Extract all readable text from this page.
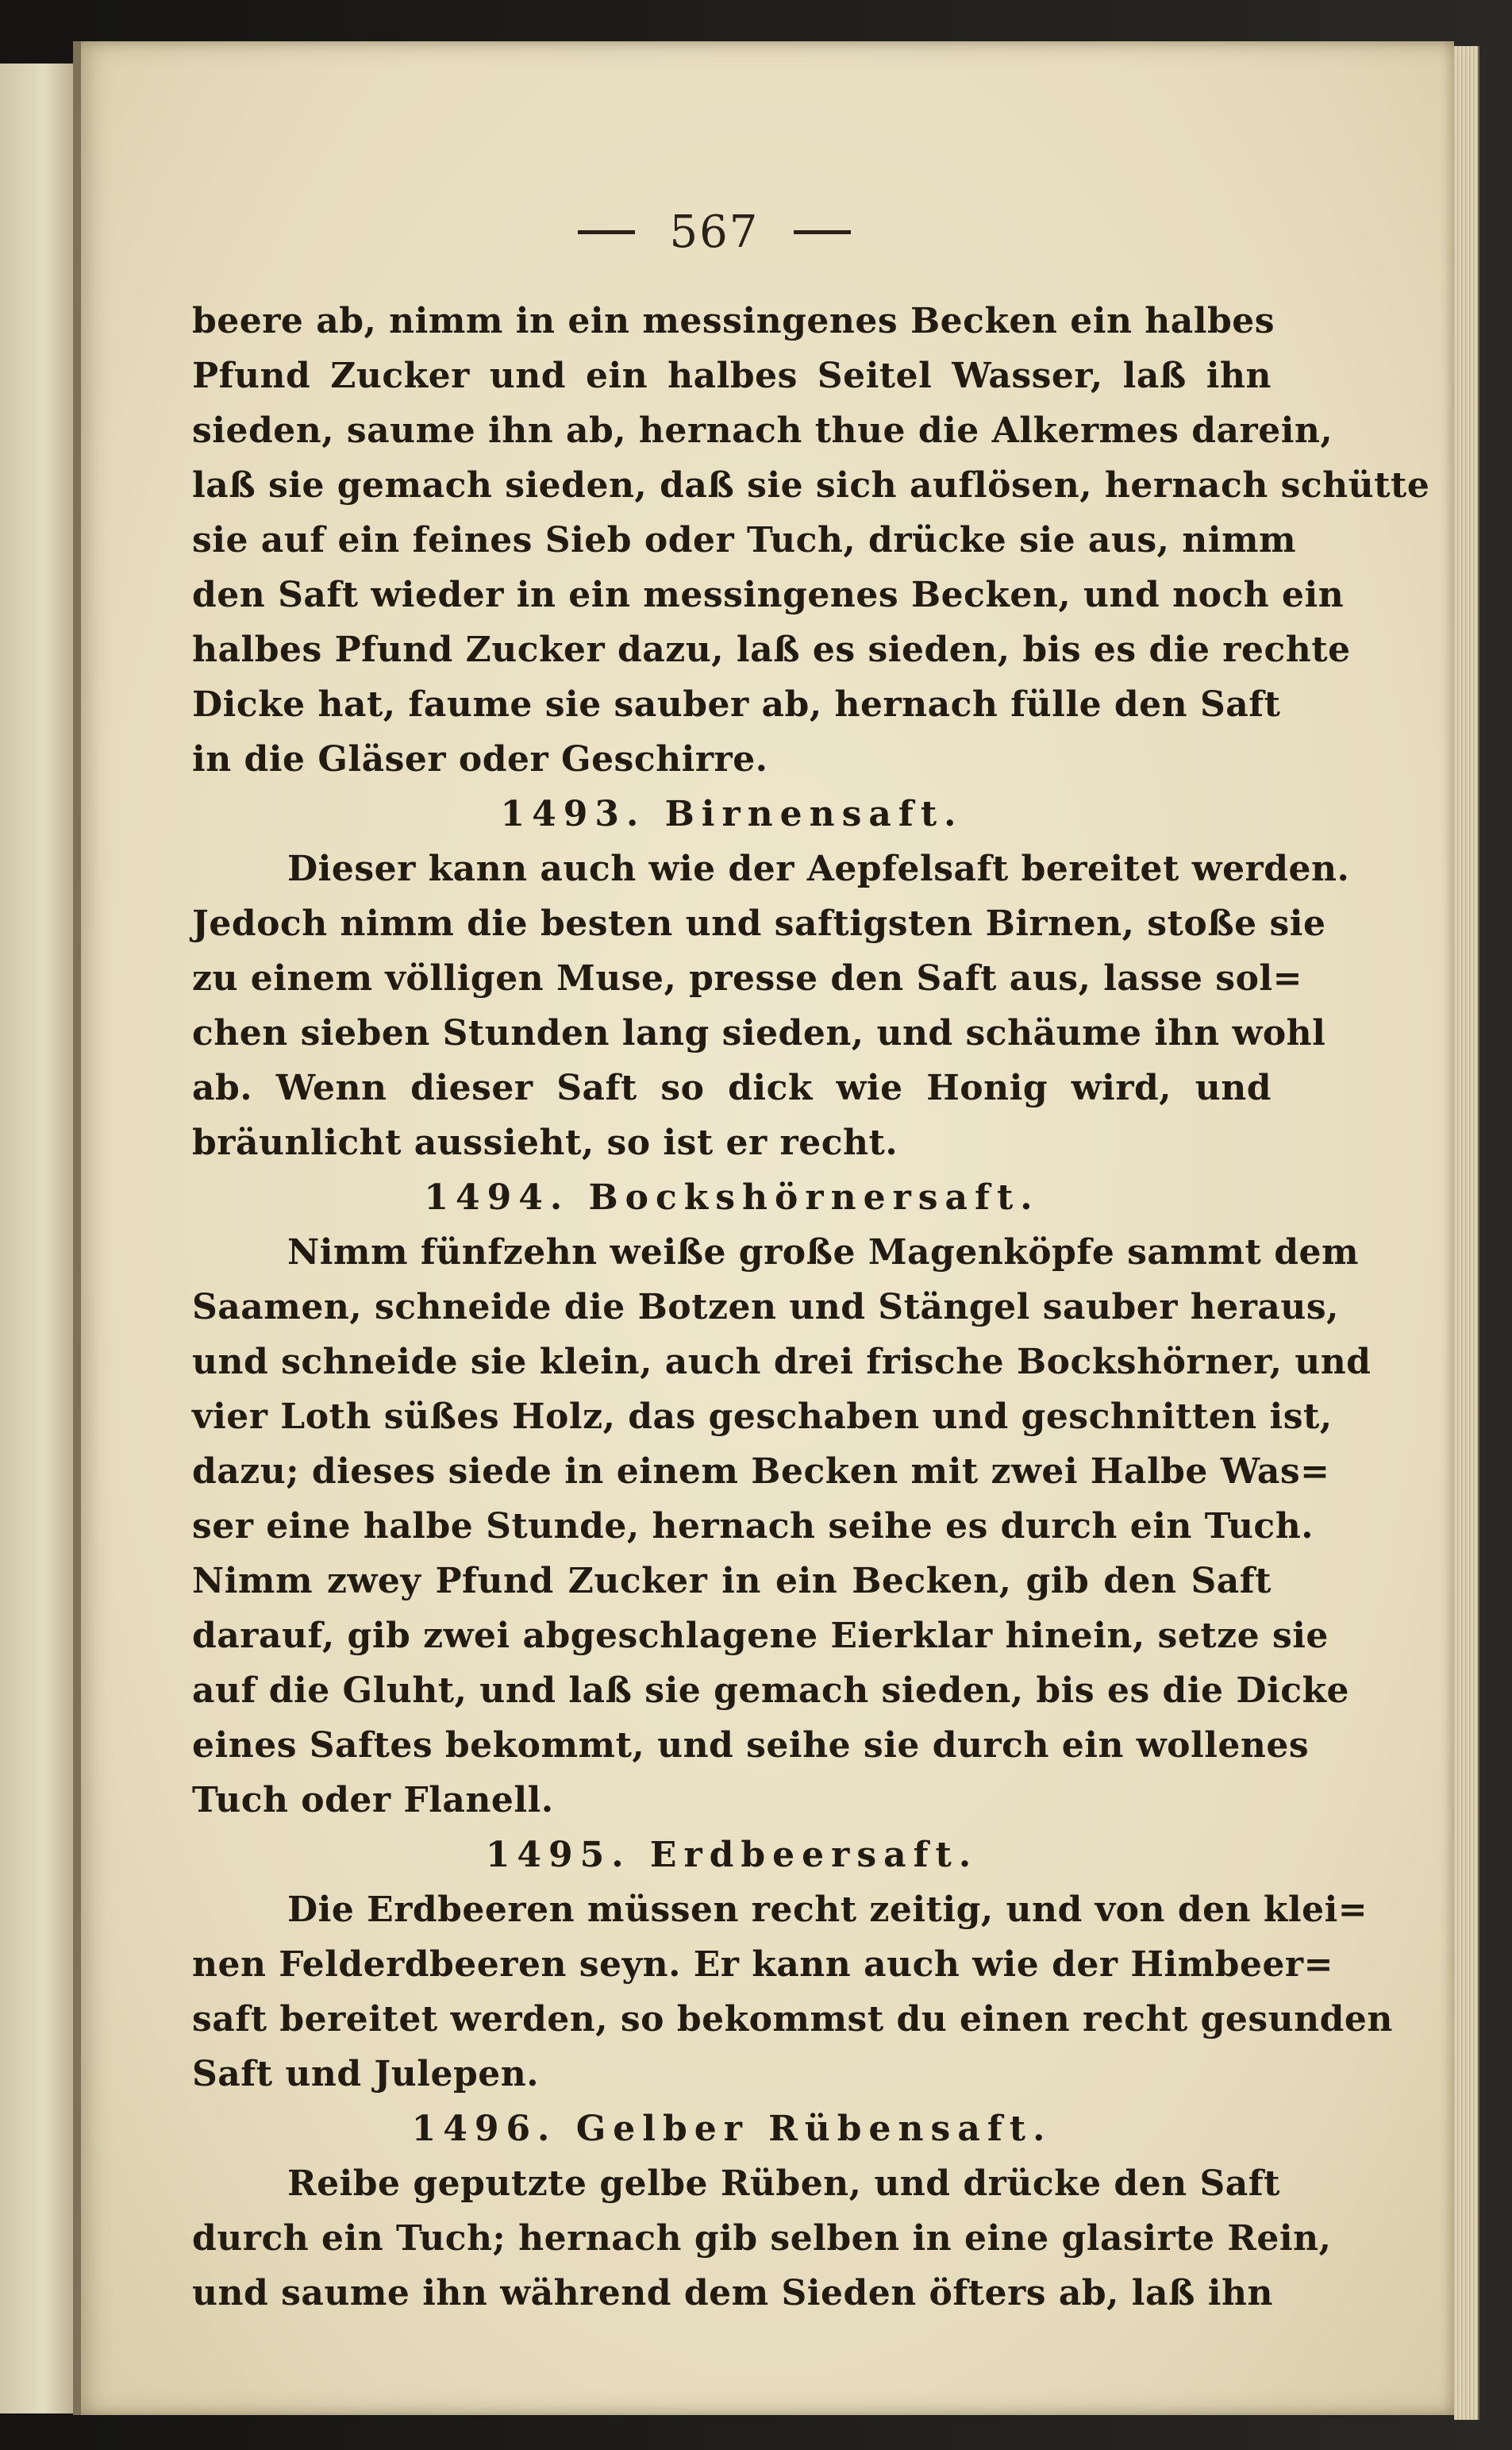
567
beere ab, nimm in ein messingenes Becken ein halbes
Pfund Zucker und ein halbes Seitel Wasser, laß ihn
sieden, saume ihn ab, hernach thue die Alkermes darein,
laß sie gemach sieden, daß sie sich auflösen, hernach schütte
sie auf ein feines Sieb oder Tuch, drücke sie aus, nimm
den Saft wieder in ein messingenes Becken, und noch ein
halbes Pfund Zucker dazu, laß es sieden, bis es die rechte
Dicke hat, faume sie sauber ab, hernach fülle den Saft
in die Gläser oder Geschirre.
1493. Birnensaft.
Dieser kann auch wie der Aepfelsaft bereitet werden.
Jedoch nimm die besten und saftigsten Birnen, stoße sie
zu einem völligen Muse, presse den Saft aus, lasse sol=
chen sieben Stunden lang sieden, und schäume ihn wohl
ab. Wenn dieser Saft so dick wie Honig wird, und
bräunlicht aussieht, so ist er recht.
1494. Bockshörnersaft.
Nimm fünfzehn weiße große Magenköpfe sammt dem
Saamen, schneide die Botzen und Stängel sauber heraus,
und schneide sie klein, auch drei frische Bockshörner, und
vier Loth süßes Holz, das geschaben und geschnitten ist,
dazu; dieses siede in einem Becken mit zwei Halbe Was=
ser eine halbe Stunde, hernach seihe es durch ein Tuch.
Nimm zwey Pfund Zucker in ein Becken, gib den Saft
darauf, gib zwei abgeschlagene Eierklar hinein, setze sie
auf die Gluht, und laß sie gemach sieden, bis es die Dicke
eines Saftes bekommt, und seihe sie durch ein wollenes
Tuch oder Flanell.
1495. Erdbeersaft.
Die Erdbeeren müssen recht zeitig, und von den klei=
nen Felderdbeeren seyn. Er kann auch wie der Himbeer=
saft bereitet werden, so bekommst du einen recht gesunden
Saft und Julepen.
1496. Gelber Rübensaft.
Reibe geputzte gelbe Rüben, und drücke den Saft
durch ein Tuch; hernach gib selben in eine glasirte Rein,
und saume ihn während dem Sieden öfters ab, laß ihn
